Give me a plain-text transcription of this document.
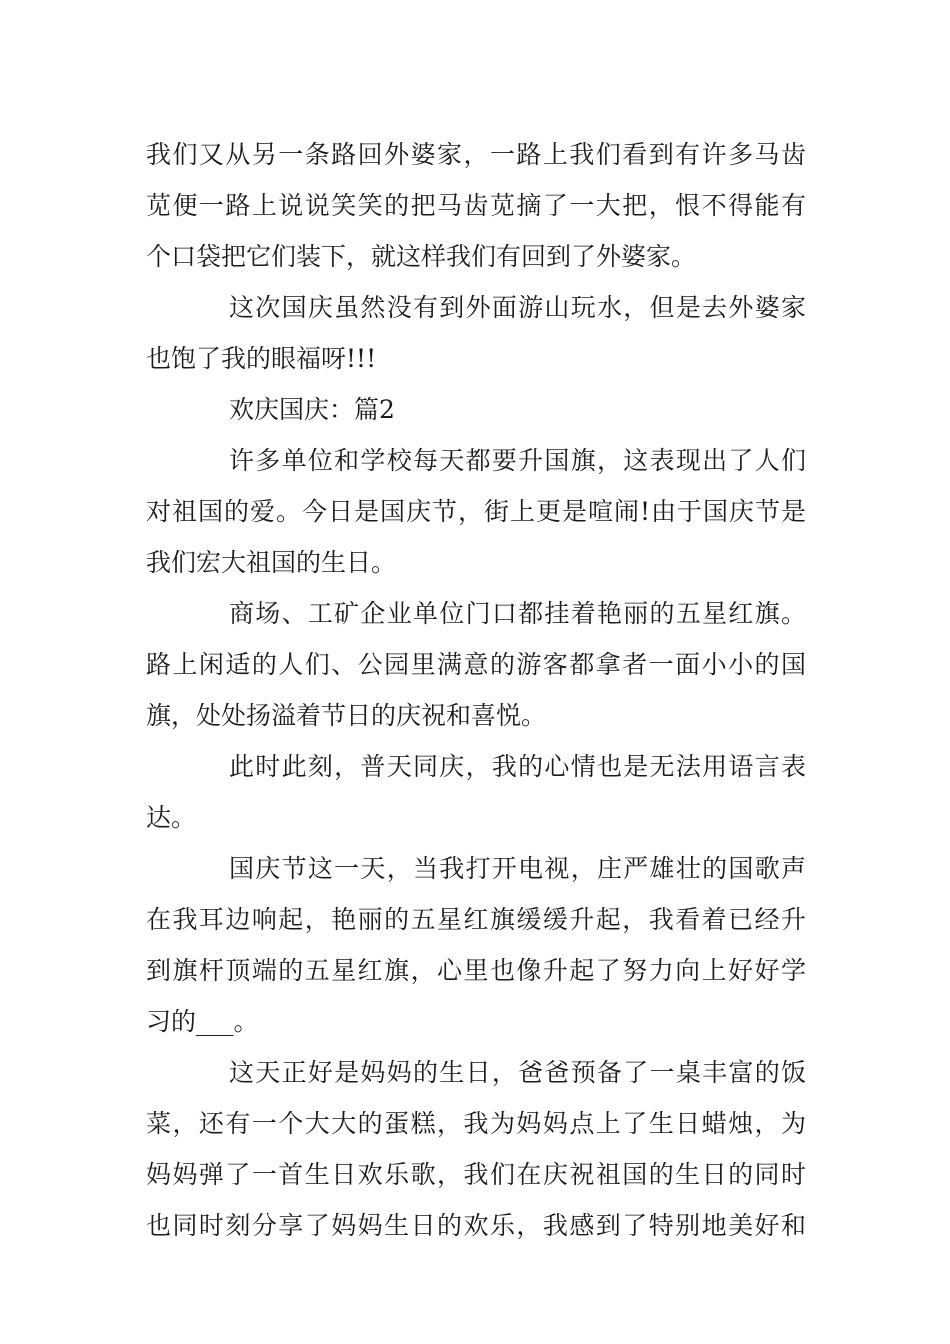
我们又从另一条路回外婆家，一路上我们看到有许多马齿
苋便一路上说说笑笑的把马齿苋摘了一大把，恨不得能有
个口袋把它们装下，就这样我们有回到了外婆家。
这次国庆虽然没有到外面游山玩水，但是去外婆家
也饱了我的眼福呀!!!
欢庆国庆：篇2
许多单位和学校每天都要升国旗，这表现出了人们
对祖国的爱。今日是国庆节，街上更是喧闹!由于国庆节是
我们宏大祖国的生日。
商场、工矿企业单位门口都挂着艳丽的五星红旗。
路上闲适的人们、公园里满意的游客都拿者一面小小的国
旗，处处扬溢着节日的庆祝和喜悦。
此时此刻，普天同庆，我的心情也是无法用语言表
达。
国庆节这一天，当我打开电视，庄严雄壮的国歌声
在我耳边响起，艳丽的五星红旗缓缓升起，我看着已经升
到旗杆顶端的五星红旗，心里也像升起了努力向上好好学
习的___。
这天正好是妈妈的生日，爸爸预备了一桌丰富的饭
菜，还有一个大大的蛋糕，我为妈妈点上了生日蜡烛，为
妈妈弹了一首生日欢乐歌，我们在庆祝祖国的生日的同时
也同时刻分享了妈妈生日的欢乐，我感到了特别地美好和
